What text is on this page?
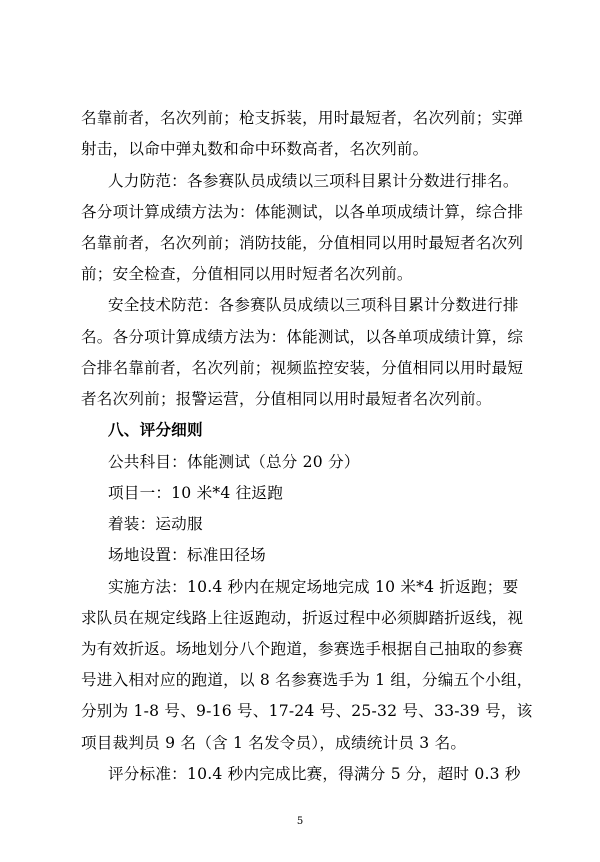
名靠前者，名次列前；枪支拆装，用时最短者，名次列前；实弹
射击，以命中弹丸数和命中环数高者，名次列前。
人力防范：各参赛队员成绩以三项科目累计分数进行排名。
各分项计算成绩方法为：体能测试，以各单项成绩计算，综合排
名靠前者，名次列前；消防技能，分值相同以用时最短者名次列
前；安全检查，分值相同以用时短者名次列前。
安全技术防范：各参赛队员成绩以三项科目累计分数进行排
名。各分项计算成绩方法为：体能测试，以各单项成绩计算，综
合排名靠前者，名次列前；视频监控安装，分值相同以用时最短
者名次列前；报警运营，分值相同以用时最短者名次列前。
八、评分细则
公共科目：体能测试（总分 20 分）
项目一：10 米*4 往返跑
着装：运动服
场地设置：标准田径场
实施方法：10.4 秒内在规定场地完成 10 米*4 折返跑；要
求队员在规定线路上往返跑动，折返过程中必须脚踏折返线，视
为有效折返。场地划分八个跑道，参赛选手根据自己抽取的参赛
号进入相对应的跑道，以 8 名参赛选手为 1 组，分编五个小组，
分别为 1-8 号、9-16 号、17-24 号、25-32 号、33-39 号，该
项目裁判员 9 名（含 1 名发令员），成绩统计员 3 名。
评分标准：10.4 秒内完成比赛，得满分 5 分，超时 0.3 秒
5
